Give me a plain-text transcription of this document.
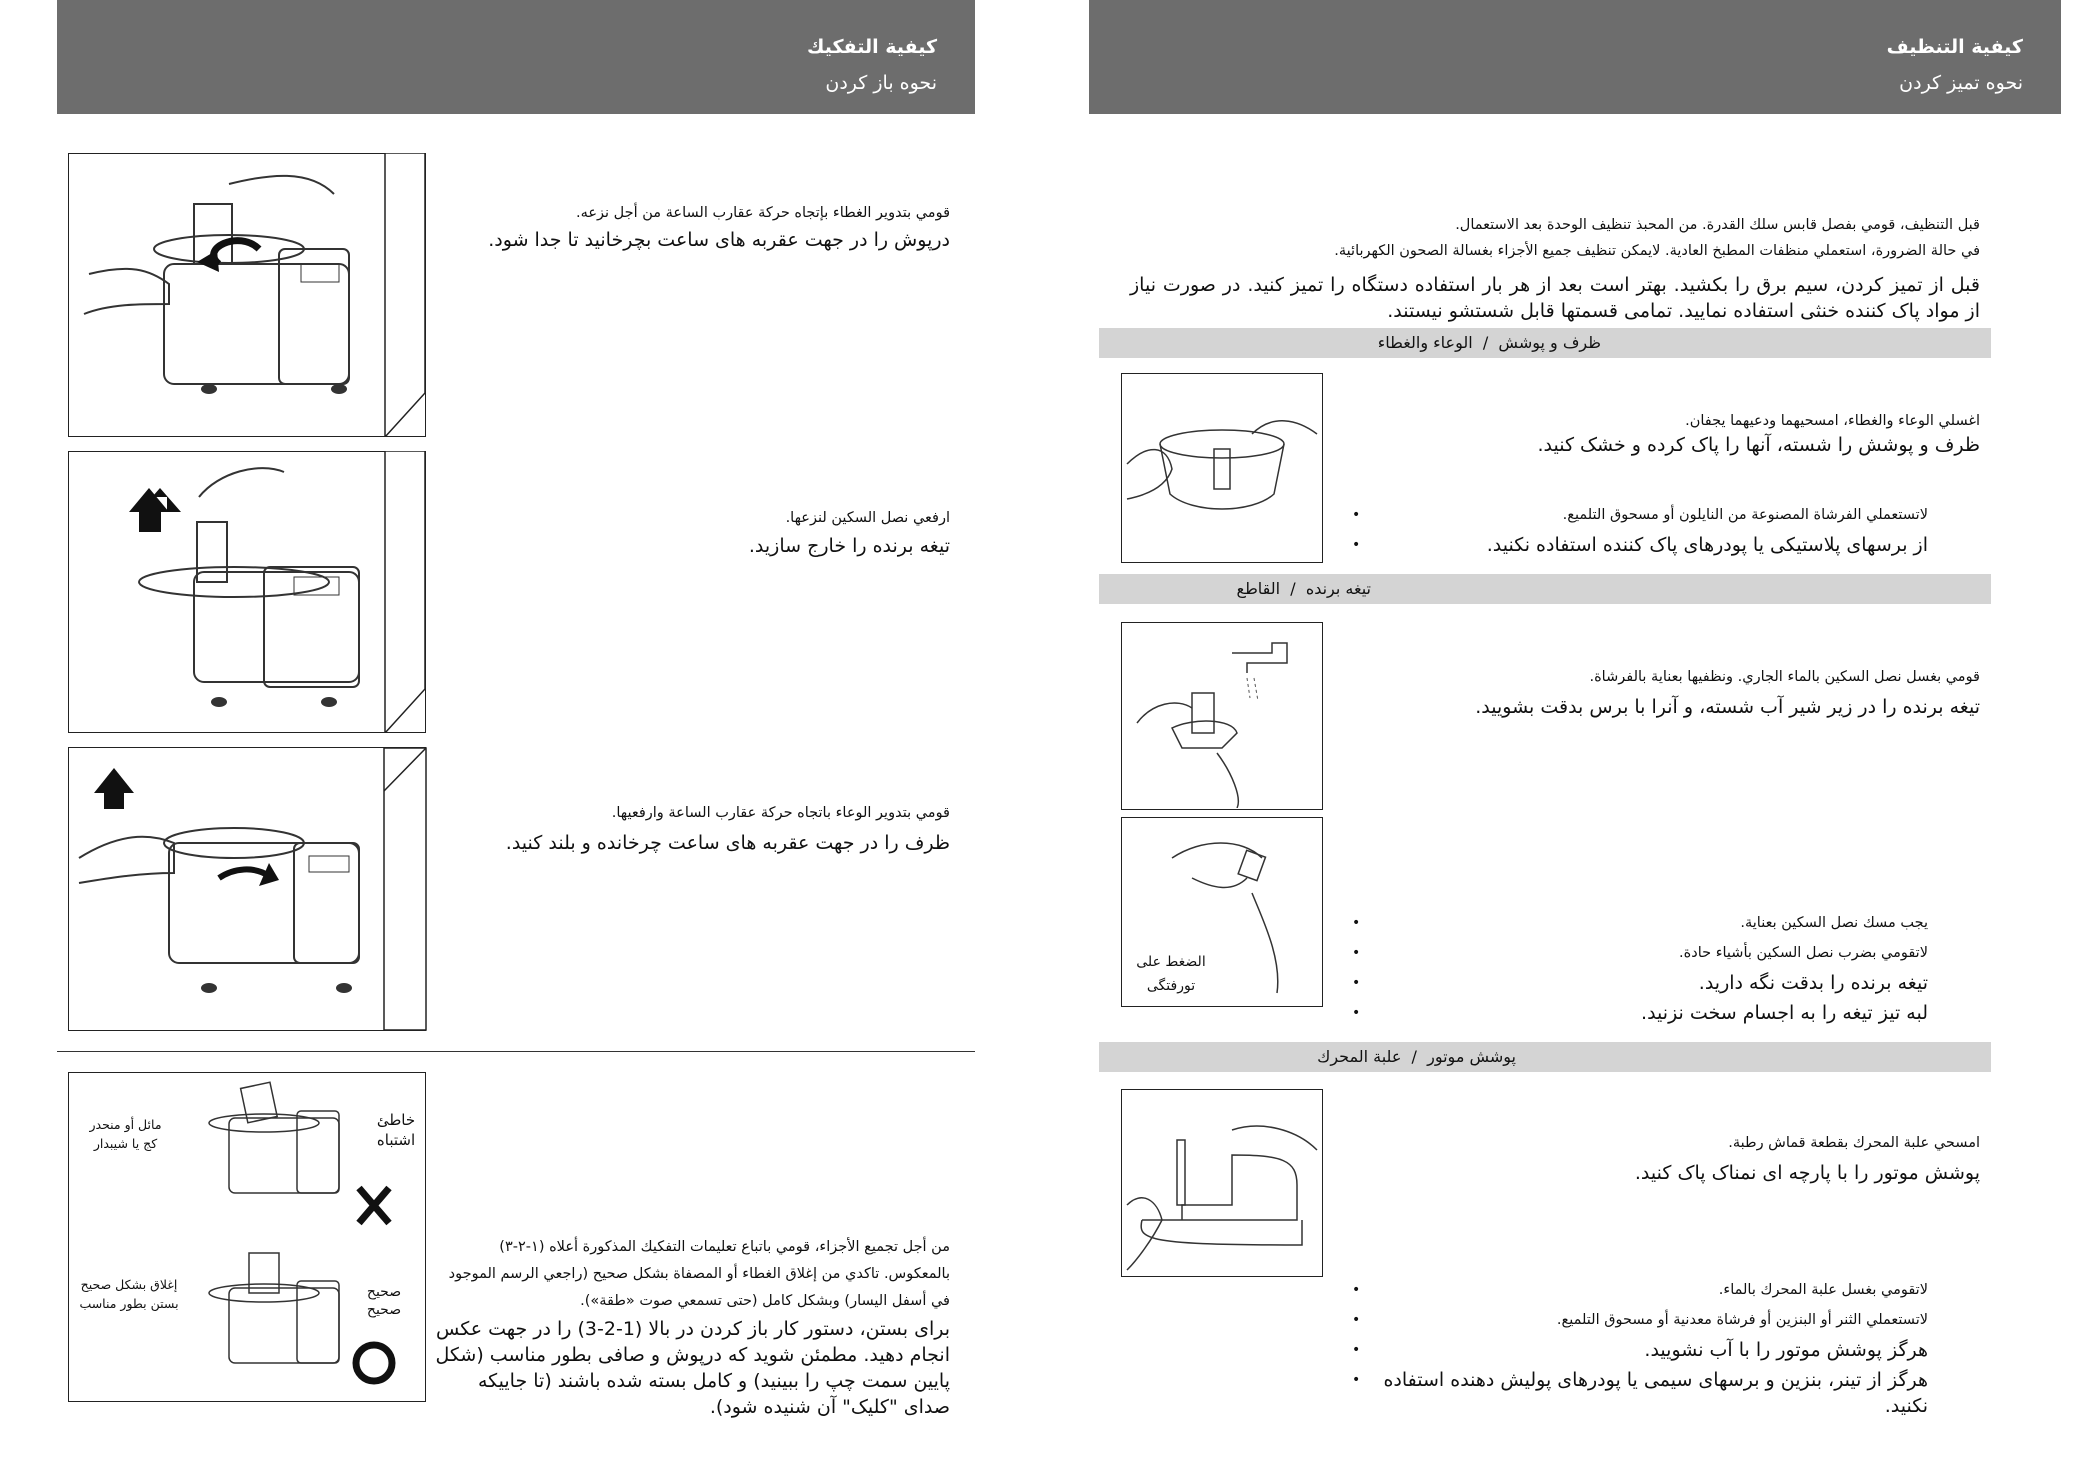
كيفية التفكيك
نحوه باز کردن
قومي بتدوير الغطاء بإتجاه حركة عقارب الساعة من أجل نزعه.
درپوش را در جهت عقربه های ساعت بچرخانید تا جدا شود.
ارفعي نصل السكين لنزعها.
تیغه برنده را خارج سازید.
قومي بتدوير الوعاء باتجاه حركة عقارب الساعة وارفعيها.
ظرف را در جهت عقربه های ساعت چرخانده و بلند کنید.
خاطئ اشتباه
مائل أو منحدر
كج يا شيبدار
صحيح
صحيح
إغلاق بشكل صحيح
بستن بطور مناسب
من أجل تجميع الأجزاء، قومي باتباع تعليمات التفكيك المذكورة أعلاه (١-٢-٣) بالمعكوس. تاكدي من إغلاق الغطاء أو المصفاة بشكل صحيح (راجعي الرسم الموجود في أسفل اليسار) وبشكل كامل (حتى تسمعي صوت «طقة»).
برای بستن، دستور کار باز کردن در بالا (1-2-3) را در جهت عکس انجام دهید. مطمئن شوید که درپوش و صافی بطور مناسب (شکل پایین سمت چپ را ببینید) و کامل بسته شده باشند (تا جاییکه صدای "کلیک" آن شنیده شود).
كيفية التنظيف
نحوه تمیز کردن
قبل التنظيف، قومي بفصل قابس سلك القدرة. من المحبذ تنظيف الوحدة بعد الاستعمال.
في حالة الضرورة، استعملي منظفات المطبخ العادية. لايمكن تنظيف جميع الأجزاء بغسالة الصحون الكهربائية.
قبل از تمیز کردن، سیم برق را بکشید. بهتر است بعد از هر بار استفاده دستگاه را تمیز کنید. در صورت نیاز از مواد پاک کننده خنثی استفاده نمایید. تمامی قسمتها قابل شستشو نیستند.
ظرف و پوشش  /  الوعاء والغطاء
اغسلي الوعاء والغطاء، امسحيهما ودعيهما يجفان.
ظرف و پوشش را شسته، آنها را پاک کرده و خشک کنید.
•	لاتستعملي الفرشاة المصنوعة من النايلون أو مسحوق التلميع.
•	از برسهای پلاستیکی یا پودرهای پاک کننده استفاده نکنید.
تیغه برنده  /  القاطع
الضغط على
تورفتگی
قومي بغسل نصل السكين بالماء الجاري. ونظفيها بعناية بالفرشاة.
تیغه برنده را در زیر شیر آب شسته، و آنرا با برس بدقت بشویید.
•	يجب مسك نصل السكين بعناية.
•	لاتقومي بضرب نصل السكين بأشياء حادة.
•	تیغه برنده را بدقت نگه دارید.
•	لبه تیز تیغه را به اجسام سخت نزنید.
پوشش موتور  /  علبة المحرك
امسحي علبة المحرك بقطعة قماش رطبة.
پوشش موتور را با پارچه ای نمناک پاک کنید.
•	لاتقومي بغسل علبة المحرك بالماء.
•	لاتستعملي الثنر أو البنزين أو فرشاة معدنية أو مسحوق التلميع.
•	هرگز پوشش موتور را با آب نشویید.
• هرگز از تینر، بنزین و برسهای سیمی یا پودرهای پولیش دهنده استفاده نکنید.
